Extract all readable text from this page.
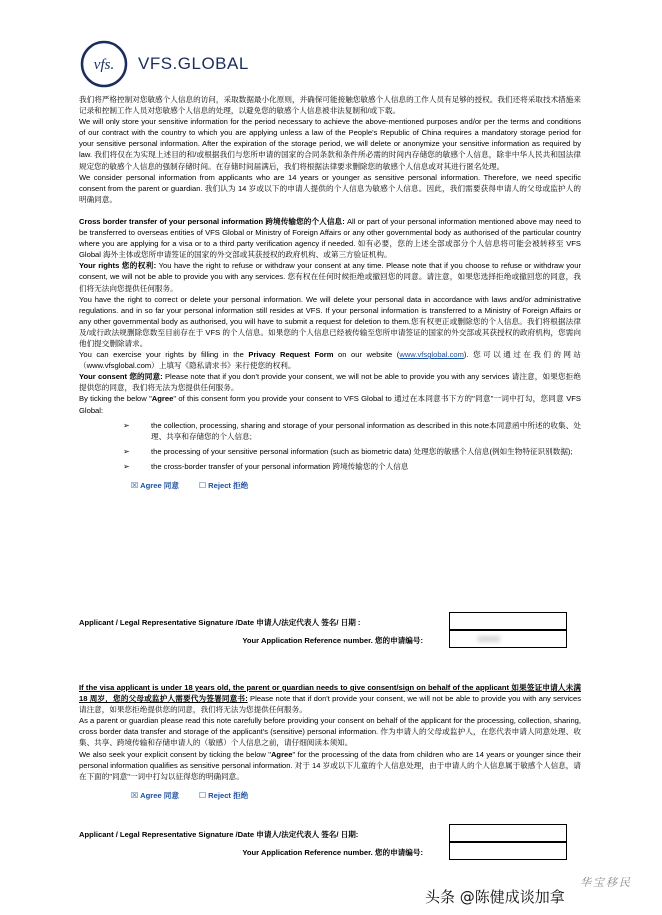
vfs. VFS.GLOBAL

我们将严格控制对您敏感个人信息的访问，采取数据最小化原则，并确保可能接触您敏感个人信息的工作人员有足够的授权。我们还将采取技术措施来记录和控制工作人员对您敏感个人信息的处理，以避免您的敏感个人信息被非法复制和/或下载。

We will only store your sensitive information for the period necessary to achieve the above-mentioned purposes and/or per the terms and conditions of our contract with the country to which you are applying unless a law of the People's Republic of China requires a mandatory storage period for your sensitive personal information. After the expiration of the storage period, we will delete or anonymize your sensitive information as required by law. 我们将仅在为实现上述目的和/或根据我们与您所申请的国家的合同条款和条件所必需的时间内存储您的敏感个人信息，除非中华人民共和国法律规定您的敏感个人信息的强制存储时间。在存储时间届满后，我们将根据法律要求删除您的敏感个人信息或对其进行匿名处理。

We consider personal information from applicants who are 14 years or younger as sensitive personal information. Therefore, we need specific consent from the parent or guardian. 我们认为 14 岁或以下的申请人提供的个人信息为敏感个人信息。因此，我们需要获得申请人的父母或监护人的明确同意。

Cross border transfer of your personal information 跨境传输您的个人信息: All or part of your personal information mentioned above may need to be transferred to overseas entities of VFS Global or Ministry of Foreign Affairs or any other governmental body as authorised of the particular country where you are applying for a visa or to a third party verification agency if needed. 如有必要，您的上述全部或部分个人信息将可能会被转移至 VFS Global 海外主体或您所申请签证的国家的外交部或其获授权的政府机构、或第三方验证机构。

Your rights 您的权利: You have the right to refuse or withdraw your consent at any time. Please note that if you choose to refuse or withdraw your consent, we will not be able to provide you with any services. 您有权在任何时候拒绝或撤回您的同意。请注意，如果您选择拒绝或撤回您的同意，我们将无法向您提供任何服务。

You have the right to correct or delete your personal information. We will delete your personal data in accordance with laws and/or administrative regulations. and in so far your personal information still resides at VFS. If your personal information is transferred to a Ministry of Foreign Affairs or any other governmental body as authorised, you will have to submit a request for deletion to them.您有权更正或删除您的个人信息。我们将根据法律及/或行政法规删除您数至目前存在于 VFS 的个人信息。如果您的个人信息已经被传输至您所申请签证的国家的外交部或其获授权的政府机构，您需向他们提交删除请求。

You can exercise your rights by filling in the Privacy Request Form on our website (www.vfsglobal.com). 您可以通过在我们的网站（www.vfsglobal.com）上填写《隐私请求书》来行使您的权利。

Your consent 您的同意: Please note that if you don't provide your consent, we will not be able to provide you with any services 请注意，如果您拒绝提供您的同意，我们将无法为您提供任何服务。

By ticking the below "Agree" of this consent form you provide your consent to VFS Global to 通过在本同意书下方的"同意"一词中打勾，您同意 VFS Global:

➢	the collection, processing, sharing and storage of your personal information as described in this note本同意函中所述的收集、处理、共享和存储您的个人信息;
➢	the processing of your sensitive personal information (such as biometric data) 处理您的敏感个人信息(例如生物特征识别数据);
➢	the cross-border transfer of your personal information 跨境传输您的个人信息
☒ Agree 同意	☐ Reject 拒绝
Applicant / Legal Representative Signature /Date 申请人/法定代表人 签名/ 日期 :
Your Application Reference number. 您的申请编号:

If the visa applicant is under 18 years old, the parent or guardian needs to give consent/sign on behalf of the applicant 如果签证申请人未满 18 周岁，您的父母或监护人需要代为签署同意书: Please note that if don't provide your consent, we will not be able to provide you with any services 请注意，如果您拒绝提供您的同意，我们将无法为您提供任何服务。

As a parent or guardian please read this note carefully before providing your consent on behalf of the applicant for the processing, collection, sharing, cross border data transfer and storage of the applicant's (sensitive) personal information. 作为申请人的父母或监护人，在您代表申请人同意处理、收集、共享、跨境传输和存储申请人的（敏感）个人信息之前，请仔细阅读本须知。

We also seek your explicit consent by ticking the below "Agree" for the processing of the data from children who are 14 years or younger since their personal information qualifies as sensitive personal information. 对于 14 岁或以下儿童的个人信息处理，由于申请人的个人信息属于敏感个人信息，请在下面的"同意"一词中打勾以征得您的明确同意。

☒ Agree 同意	☐ Reject 拒绝
Applicant / Legal Representative Signature /Date 申请人/法定代表人 签名/ 日期:
Your Application Reference number. 您的申请编号:
华宝移民
头条 @陈健成谈加拿
